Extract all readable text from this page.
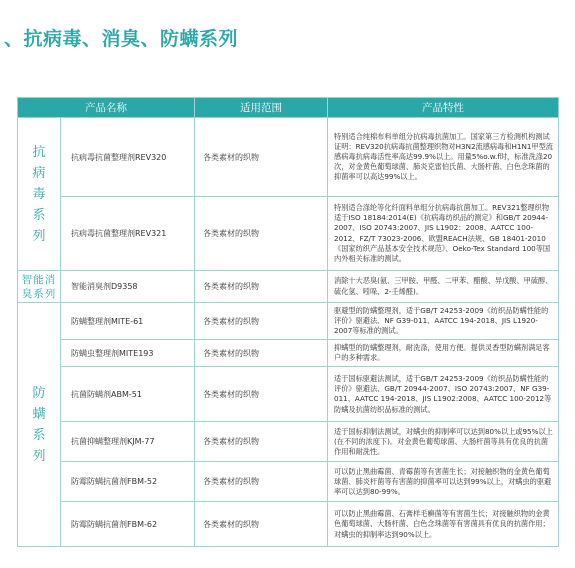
、抗病毒、消臭、防螨系列
产品名称		适用范围	产品特性

抗
病
毒
系
列	抗病毒抗菌整理剂REV320	各类素材的织物	特别适合纯棉布料单组分抗病毒抗菌加工。国家第三方检测机构测试证明：REV320抗病毒抗菌整理织物对H3N2流感病毒和H1N1甲型流感病毒抗病毒活性率高达99.9%以上。用量5%o.w.f时，标准洗涤20次，对金黄色葡萄球菌、肺炎克雷伯氏菌、大肠杆菌、白色念珠菌的抑菌率可以高达99%以上。
	抗病毒抗菌整理剂REV321	各类素材的织物	特别适合涤纶等化纤面料单组分抗病毒抗菌加工。REV321整理织物适于ISO 18184:2014(E)《抗病毒纺织品的测定》和GB/T 20944-2007、ISO 20743:2007、JIS L1902：2008、AATCC 100-2012、FZ/T 73023-2006、欧盟REACH法规、GB 18401-2010《国家纺织产品基本安全技术规范》、Oeko-Tex Standard 100等国内外相关标准的测试。
智能消臭系列	智能消臭剂D9358	各类素材的织物	消除十大恶臭(氨、三甲胺、甲醛、二甲苯、醋酸、异戊酸、甲硫醇、硫化氢、吲哚、2-壬烯醛)。

防
螨
系
列	防螨整理剂MITE-61	各类素材的织物	驱避型的防螨整理剂，适于GB/T 24253-2009《纺织品防螨性能的评价》驱避法、NF G39-011、AATCC 194-2018、JIS L1920-2007等标准的测试。
	防螨虫整理剂MITE193	各类素材的织物	抑螨型的防螨整理剂，耐洗涤，使用方便。提供灵香型防螨剂满足客户的多种需求。
	抗菌防螨剂ABM-51	各类素材的织物	适于国标驱避法测试，适于GB/T 24253-2009《纺织品防螨性能的评价》驱避法、GB/T 20944-2007、ISO 20743:2007、NF G39-011、AATCC 194-2018、JIS L1902:2008、AATCC 100-2012等防螨及抗菌纺织品标准的测试。
	抗菌抑螨整理剂KJM-77	各类素材的织物	适于国标抑制法测试，对螨虫的抑制率可以达到80%以上或95%以上(在不同的浓度下)。对金黄色葡萄球菌、大肠杆菌等具有优良的抗菌作用和耐洗性。
	防霉防螨抗菌剂FBM-52	各类素材的织物	可以防止黑曲霉菌、青霉菌等有害菌生长；对接触织物的金黄色葡萄球菌、肺炎杆菌等有害菌的抑菌率可以达到99%以上，对螨虫的驱避率可以达到80-99%。
	防霉防螨抗菌剂FBM-62	各类素材的织物	可以防止黑曲霉菌、石膏样毛癣菌等有害菌生长；对接触织物的金黄色葡萄球菌、大肠杆菌、白色念珠菌等有害菌具有优良的抗菌作用；对螨虫的抑制率达到90%以上。
